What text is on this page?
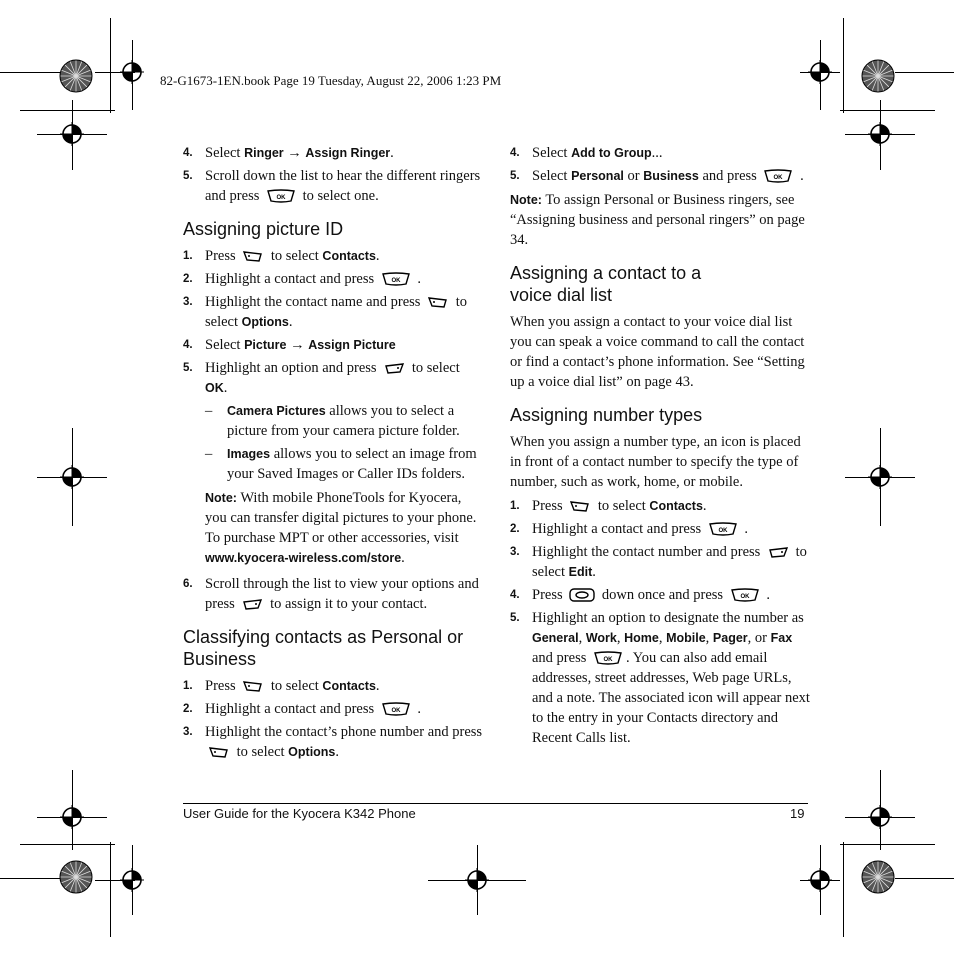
82-G1673-1EN.book Page 19 Tuesday, August 22, 2006 1:23 PM
4. Select Ringer → Assign Ringer.
5. Scroll down the list to hear the different ringers and press OK to select one.
Assigning picture ID
1. Press
to select Contacts.
2. Highlight a contact and press OK .
3. Highlight the contact name and press
to select Options.
4. Select Picture → Assign Picture
5. Highlight an option and press
to select OK.
– Camera Pictures allows you to select a picture from your camera picture folder.
– Images allows you to select an image from your Saved Images or Caller IDs folders.
Note: With mobile PhoneTools for Kyocera, you can transfer digital pictures to your phone. To purchase MPT or other accessories, visit
www.kyocera-wireless.com/store.
6. Scroll through the list to view your options and press
to assign it to your contact.
Classifying contacts as Personal or Business
1. Press
to select Contacts.
2. Highlight a contact and press OK .
3. Highlight the contact’s phone number and press
to select Options.
4. Select Add to Group...
5. Select Personal or Business and press OK .
Note: To assign Personal or Business ringers, see “Assigning business and personal ringers” on page 34.
Assigning a contact to a voice dial list

When you assign a contact to your voice dial list you can speak a voice command to call the contact or find a contact’s phone information. See “Setting up a voice dial list” on page 43.

Assigning number types

When you assign a number type, an icon is placed in front of a contact number to specify the type of number, such as work, home, or mobile.

1. Press
to select Contacts.
2. Highlight a contact and press OK .
3. Highlight the contact number and press
to select Edit.
4. Press
down once and press OK .
5. Highlight an option to designate the number as General, Work, Home, Mobile, Pager, or Fax and press OK . You can also add email addresses, street addresses, Web page URLs, and a note. The associated icon will appear next to the entry in your Contacts directory and Recent Calls list.
User Guide for the Kyocera K342 Phone	19
